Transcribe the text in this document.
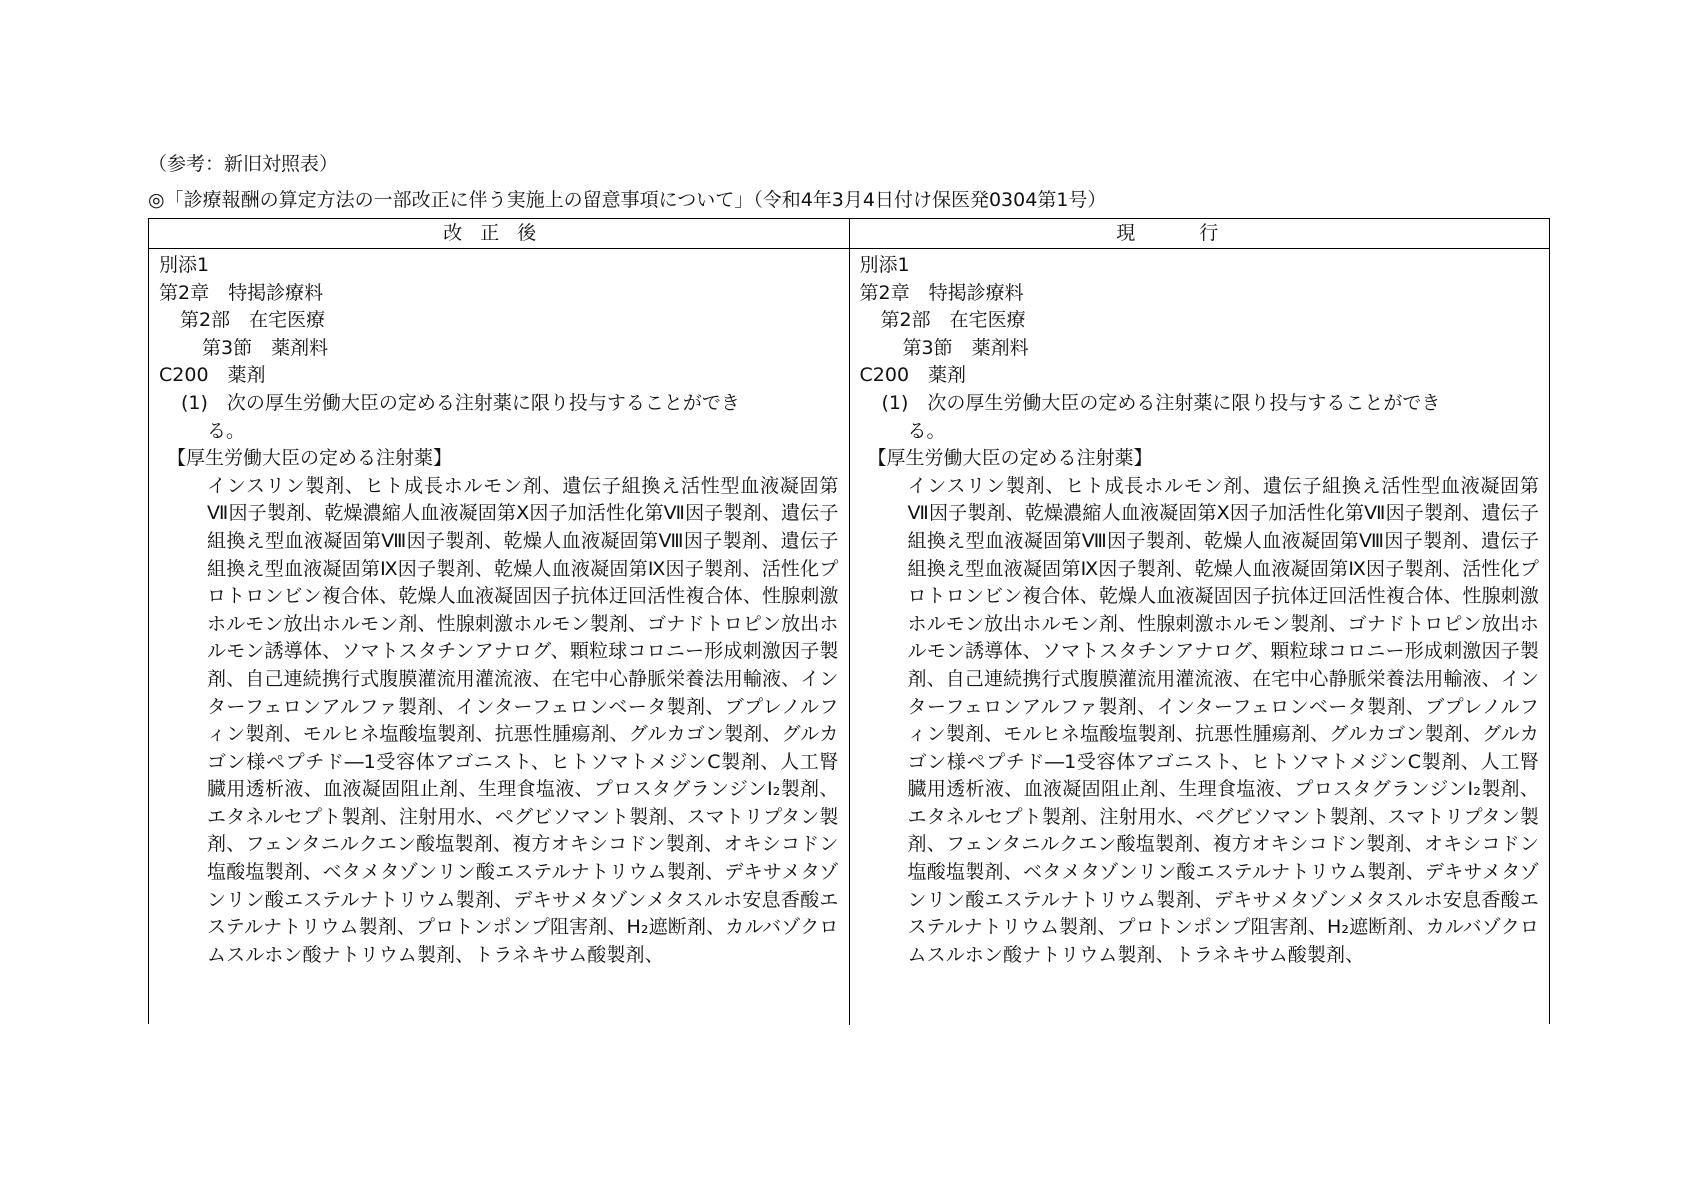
（参考：新旧対照表）
◎「診療報酬の算定方法の一部改正に伴う実施上の留意事項について」（令和4年3月4日付け保医発0304第1号）
改正後	現行
別添1
第2章　特掲診療料
第2部　在宅医療
第3節　薬剤料
C200　薬剤
(1)　次の厚生労働大臣の定める注射薬に限り投与することができ
る。
【厚生労働大臣の定める注射薬】
インスリン製剤、ヒト成長ホルモン剤、遺伝子組換え活性型血液凝固第Ⅶ因子製剤、乾燥濃縮人血液凝固第Ⅹ因子加活性化第Ⅶ因子製剤、遺伝子組換え型血液凝固第Ⅷ因子製剤、乾燥人血液凝固第Ⅷ因子製剤、遺伝子組換え型血液凝固第Ⅸ因子製剤、乾燥人血液凝固第Ⅸ因子製剤、活性化プロトロンビン複合体、乾燥人血液凝固因子抗体迂回活性複合体、性腺刺激ホルモン放出ホルモン剤、性腺刺激ホルモン製剤、ゴナドトロピン放出ホルモン誘導体、ソマトスタチンアナログ、顆粒球コロニー形成刺激因子製剤、自己連続携行式腹膜灌流用灌流液、在宅中心静脈栄養法用輸液、インターフェロンアルファ製剤、インターフェロンベータ製剤、ブプレノルフィン製剤、モルヒネ塩酸塩製剤、抗悪性腫瘍剤、グルカゴン製剤、グルカゴン様ペプチド―1受容体アゴニスト、ヒトソマトメジンC製剤、人工腎臓用透析液、血液凝固阻止剤、生理食塩液、プロスタグランジンI₂製剤、エタネルセプト製剤、注射用水、ペグビソマント製剤、スマトリプタン製剤、フェンタニルクエン酸塩製剤、複方オキシコドン製剤、オキシコドン塩酸塩製剤、ベタメタゾンリン酸エステルナトリウム製剤、デキサメタゾンリン酸エステルナトリウム製剤、デキサメタゾンメタスルホ安息香酸エステルナトリウム製剤、プロトンポンプ阻害剤、H₂遮断剤、カルバゾクロムスルホン酸ナトリウム製剤、トラネキサム酸製剤、
別添1
第2章　特掲診療料
第2部　在宅医療
第3節　薬剤料
C200　薬剤
(1)　次の厚生労働大臣の定める注射薬に限り投与することができ
る。
【厚生労働大臣の定める注射薬】
インスリン製剤、ヒト成長ホルモン剤、遺伝子組換え活性型血液凝固第Ⅶ因子製剤、乾燥濃縮人血液凝固第Ⅹ因子加活性化第Ⅶ因子製剤、遺伝子組換え型血液凝固第Ⅷ因子製剤、乾燥人血液凝固第Ⅷ因子製剤、遺伝子組換え型血液凝固第Ⅸ因子製剤、乾燥人血液凝固第Ⅸ因子製剤、活性化プロトロンビン複合体、乾燥人血液凝固因子抗体迂回活性複合体、性腺刺激ホルモン放出ホルモン剤、性腺刺激ホルモン製剤、ゴナドトロピン放出ホルモン誘導体、ソマトスタチンアナログ、顆粒球コロニー形成刺激因子製剤、自己連続携行式腹膜灌流用灌流液、在宅中心静脈栄養法用輸液、インターフェロンアルファ製剤、インターフェロンベータ製剤、ブプレノルフィン製剤、モルヒネ塩酸塩製剤、抗悪性腫瘍剤、グルカゴン製剤、グルカゴン様ペプチド―1受容体アゴニスト、ヒトソマトメジンC製剤、人工腎臓用透析液、血液凝固阻止剤、生理食塩液、プロスタグランジンI₂製剤、エタネルセプト製剤、注射用水、ペグビソマント製剤、スマトリプタン製剤、フェンタニルクエン酸塩製剤、複方オキシコドン製剤、オキシコドン塩酸塩製剤、ベタメタゾンリン酸エステルナトリウム製剤、デキサメタゾンリン酸エステルナトリウム製剤、デキサメタゾンメタスルホ安息香酸エステルナトリウム製剤、プロトンポンプ阻害剤、H₂遮断剤、カルバゾクロムスルホン酸ナトリウム製剤、トラネキサム酸製剤、
